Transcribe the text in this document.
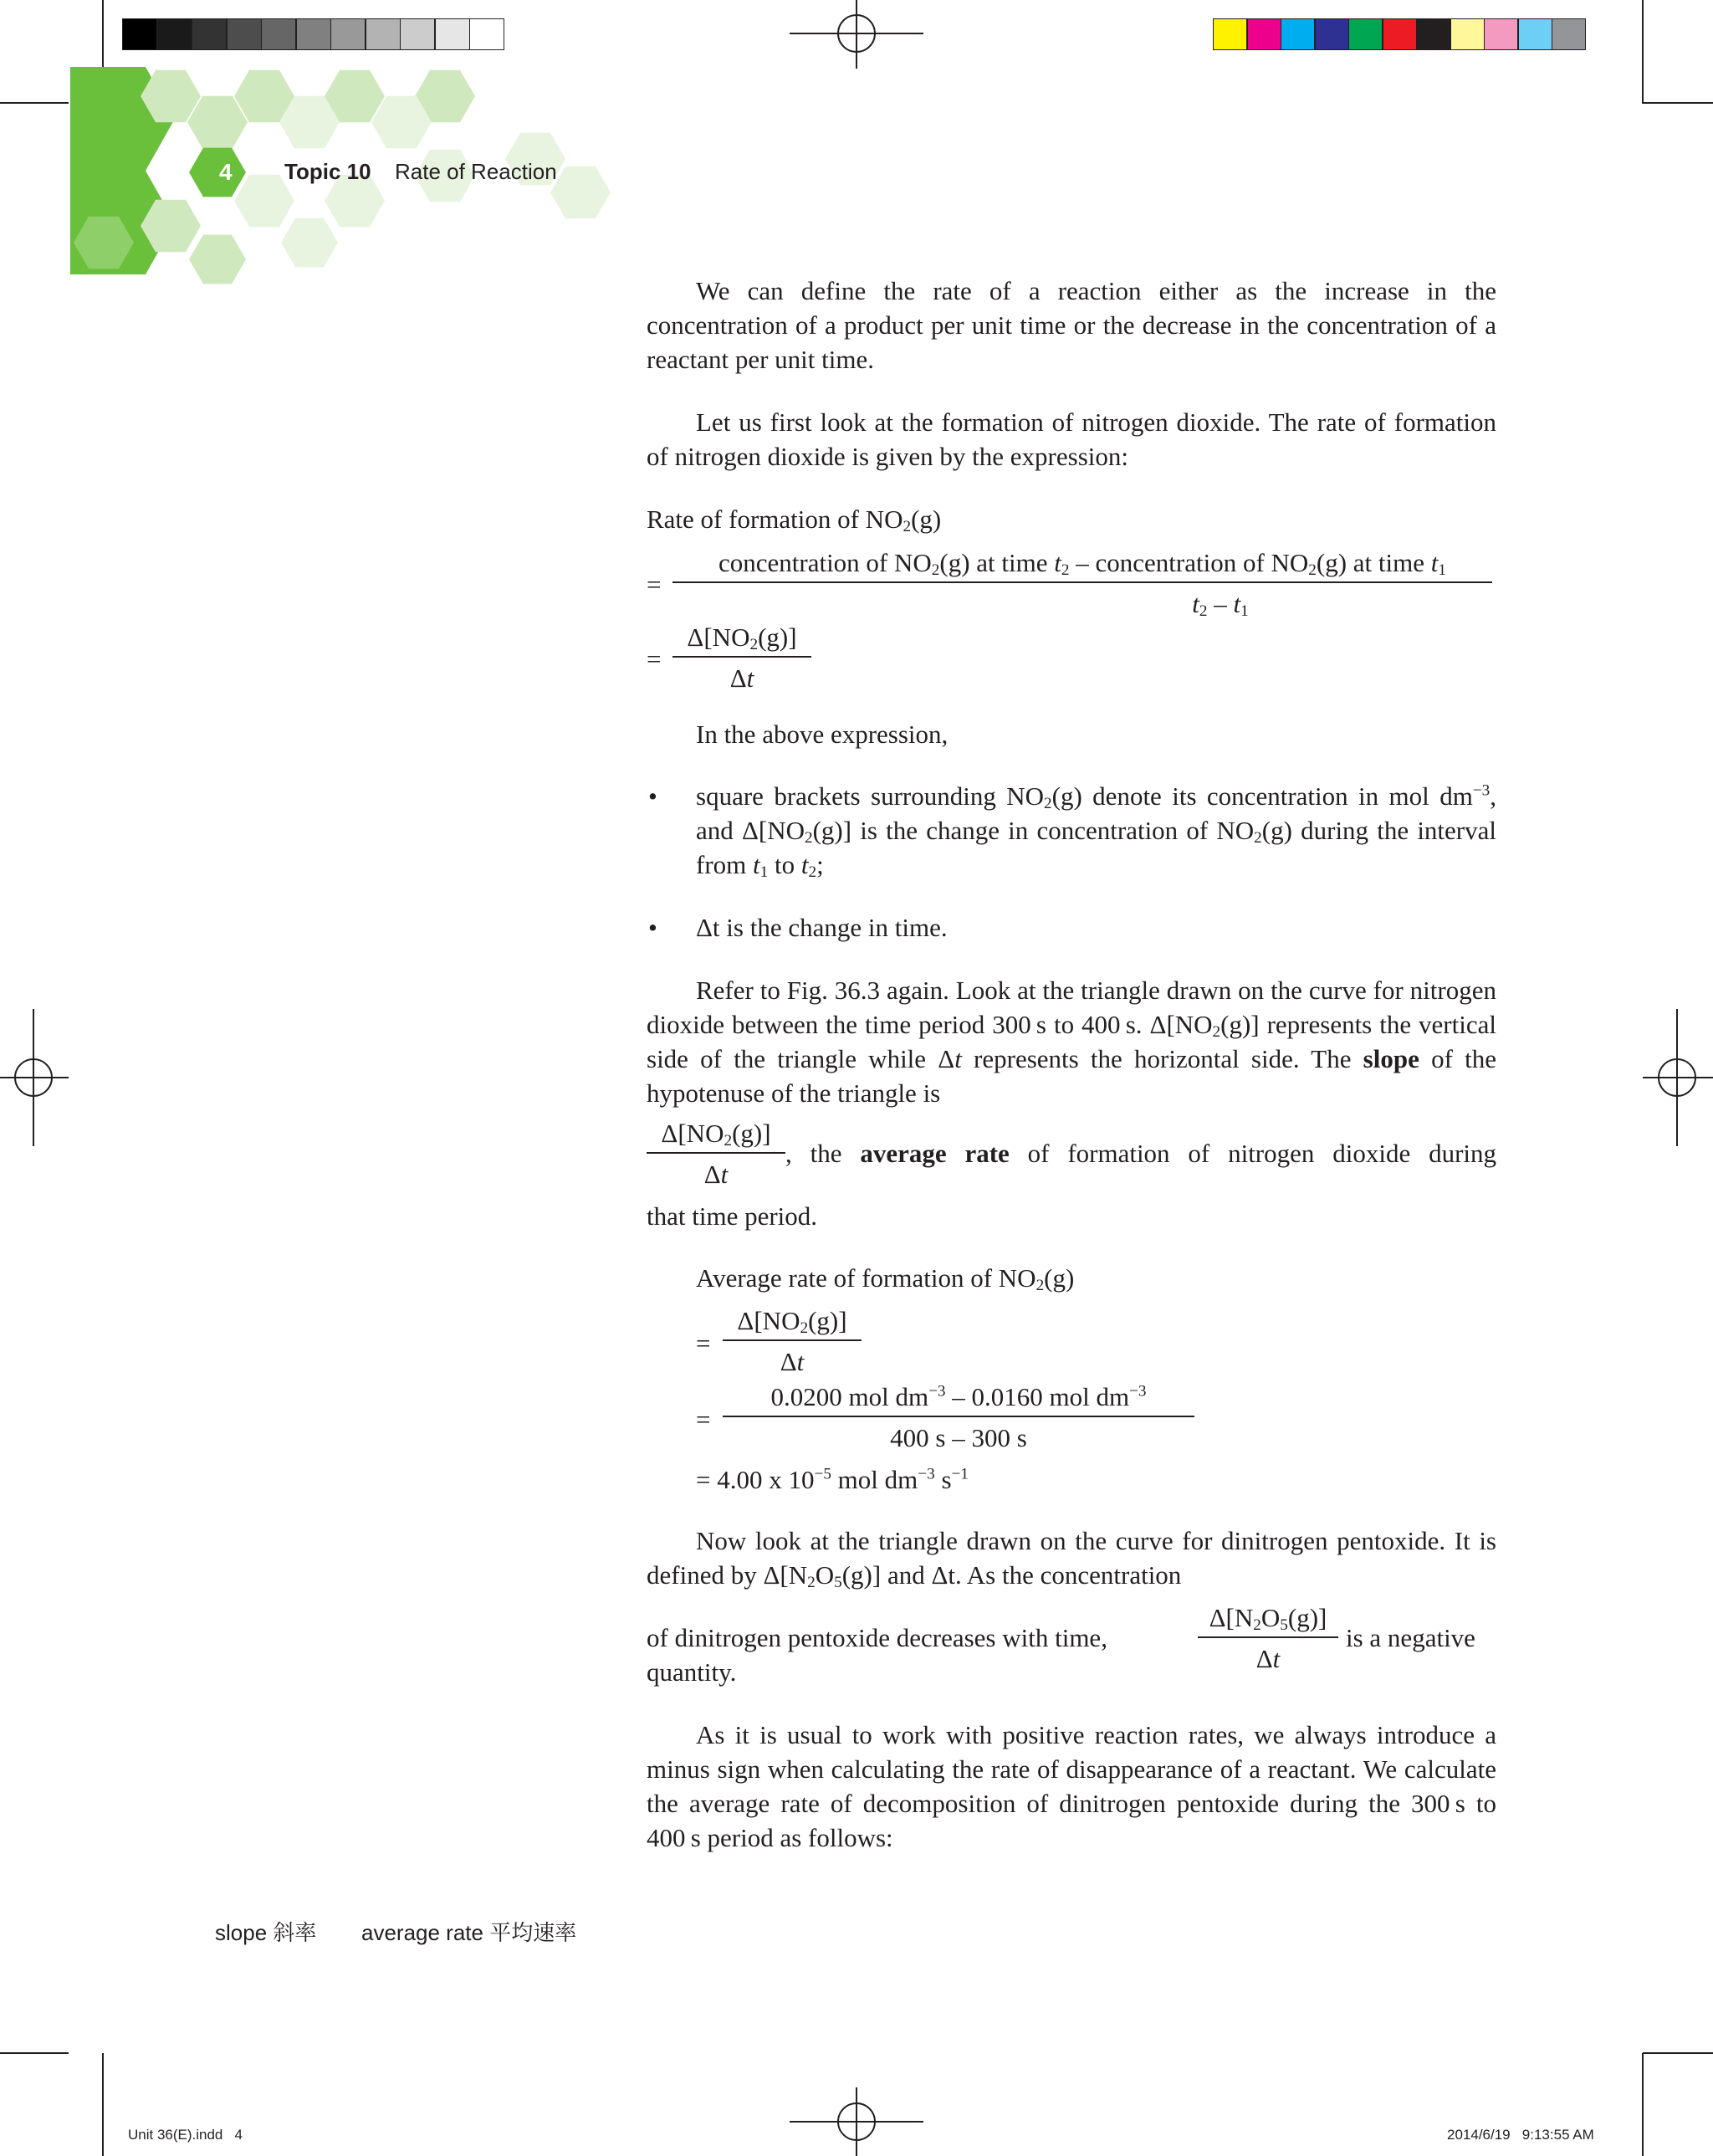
4 Topic 10 Rate of Reaction
We can define the rate of a reaction either as the increase in the concentration of a product per unit time or the decrease in the concentration of a reactant per unit time.
Let us first look at the formation of nitrogen dioxide. The rate of formation of nitrogen dioxide is given by the expression:
Rate of formation of $NO_2(g)$
=
concentration of $NO_2(g)$ at time $t_2$ – concentration of $NO_2(g)$ at time $t_1$
$t_2 - t_1$
= $\frac{\Delta[NO_2(g)]}{\Delta t}$
In the above expression,
• square brackets surrounding $NO_2(g)$ denote its concentration in mol $dm^{-3}$, and $\Delta[NO_2(g)]$ is the change in concentration of $NO_2(g)$ during the interval from $t_1$ to $t_2$;
• Δt is the change in time.
Refer to Fig. 36.3 again. Look at the triangle drawn on the curve for nitrogen dioxide between the time period 300 s to 400 s. $\Delta[NO_2(g)]$ represents the vertical side of the triangle while Δt represents the horizontal side. The slope of the hypotenuse of the triangle is
$\frac{\Delta[NO_2(g)]}{\Delta t}$ , the average rate of formation of nitrogen dioxide during
that time period.
Average rate of formation of $NO_2(g)$
= $\frac{\Delta[NO_2(g)]}{\Delta t}$
=
0.0200 mol $dm^{-3} - 0.0160$ mol $dm^{-3}$
400 s – 300 s
= 4.00 x $10^{-5}$ mol $dm^{-3}$ $s^{-1}$
Now look at the triangle drawn on the curve for dinitrogen pentoxide. It is defined by $\Delta[N_2O_5(g)]$ and Δt. As the concentration
of dinitrogen pentoxide decreases with time,	$\frac{\Delta[N_2O_5(g)]}{\Delta t}$ is a negative
quantity.
As it is usual to work with positive reaction rates, we always introduce a minus sign when calculating the rate of disappearance of a reactant. We calculate the average rate of decomposition of dinitrogen pentoxide during the 300 s to 400 s period as follows:
slope 斜率 average rate 平均速率
Unit 36(E).indd   4	2014/6/19   9:13:55 AM
